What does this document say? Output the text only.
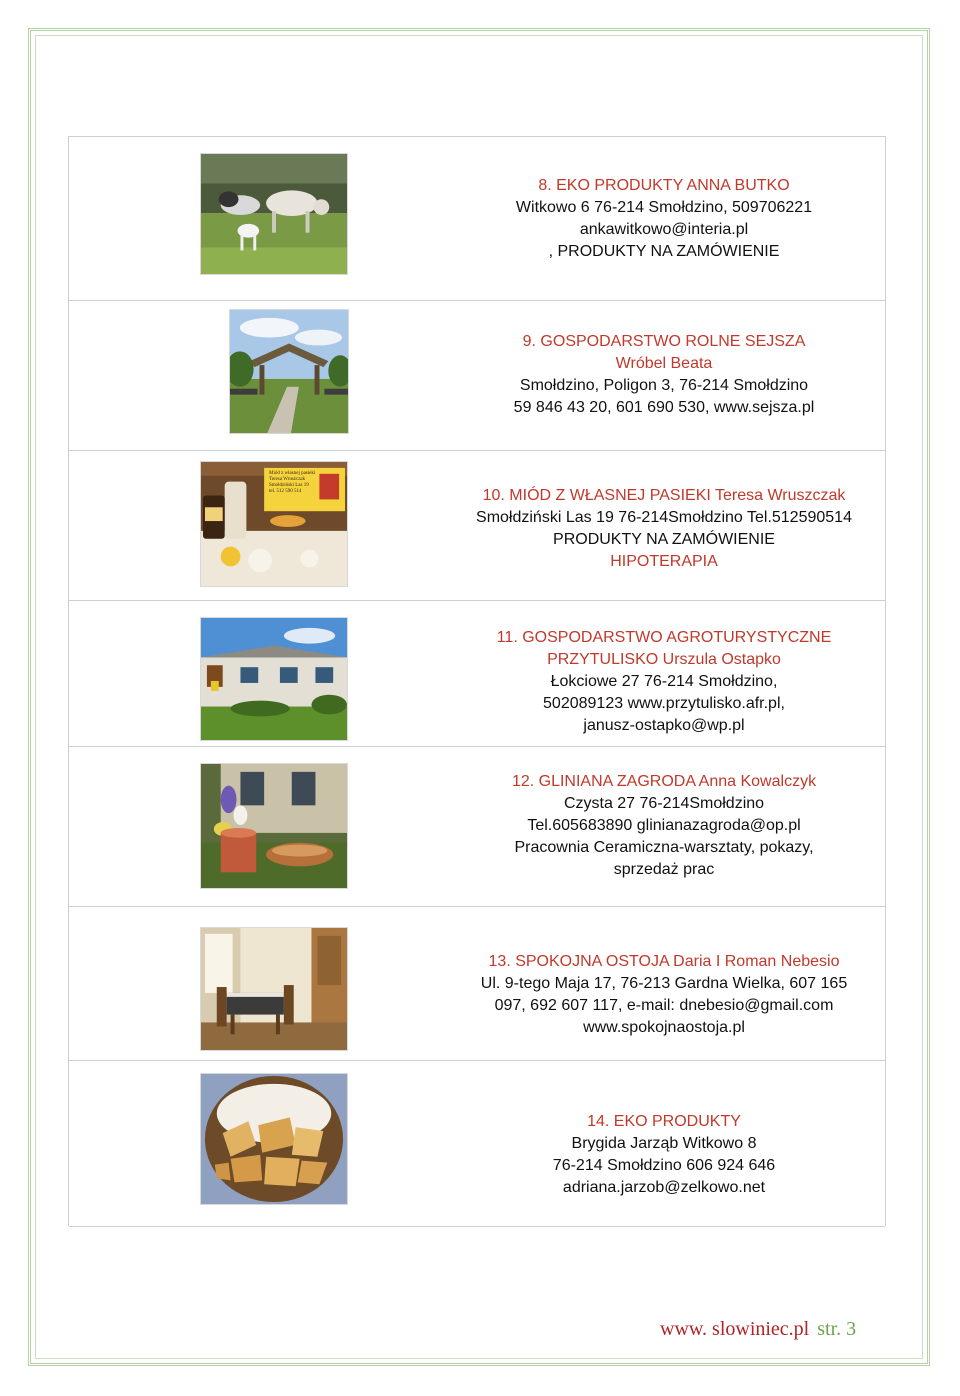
8. EKO PRODUKTY ANNA BUTKO
Witkowo 6 76-214 Smołdzino, 509706221
ankawitkowo@interia.pl
, PRODUKTY NA ZAMÓWIENIE
9. GOSPODARSTWO ROLNE SEJSZA
Wróbel Beata
Smołdzino, Poligon 3, 76-214 Smołdzino
59 846 43 20, 601 690 530, www.sejsza.pl
Miód z własnej pasieki
Teresa Wruszczak
Smołdziński Las 19
tel. 512 590 514	10. MIÓD Z WŁASNEJ PASIEKI Teresa Wruszczak
Smołdziński Las 19 76-214Smołdzino Tel.512590514
PRODUKTY NA ZAMÓWIENIE
HIPOTERAPIA
11. GOSPODARSTWO AGROTURYSTYCZNE
PRZYTULISKO Urszula Ostapko
Łokciowe 27 76-214 Smołdzino,
502089123 www.przytulisko.afr.pl,
janusz-ostapko@wp.pl
12. GLINIANA ZAGRODA Anna Kowalczyk
Czysta 27 76-214Smołdzino
Tel.605683890 glinianazagroda@op.pl
Pracownia Ceramiczna-warsztaty, pokazy,
sprzedaż prac
13. SPOKOJNA OSTOJA Daria I Roman Nebesio
Ul. 9-tego Maja 17, 76-213 Gardna Wielka, 607 165
097, 692 607 117, e-mail: dnebesio@gmail.com
www.spokojnaostoja.pl
14. EKO PRODUKTY
Brygida Jarząb Witkowo 8
76-214 Smołdzino 606 924 646
adriana.jarzob@zelkowo.net
www. slowiniec.pl str. 3
